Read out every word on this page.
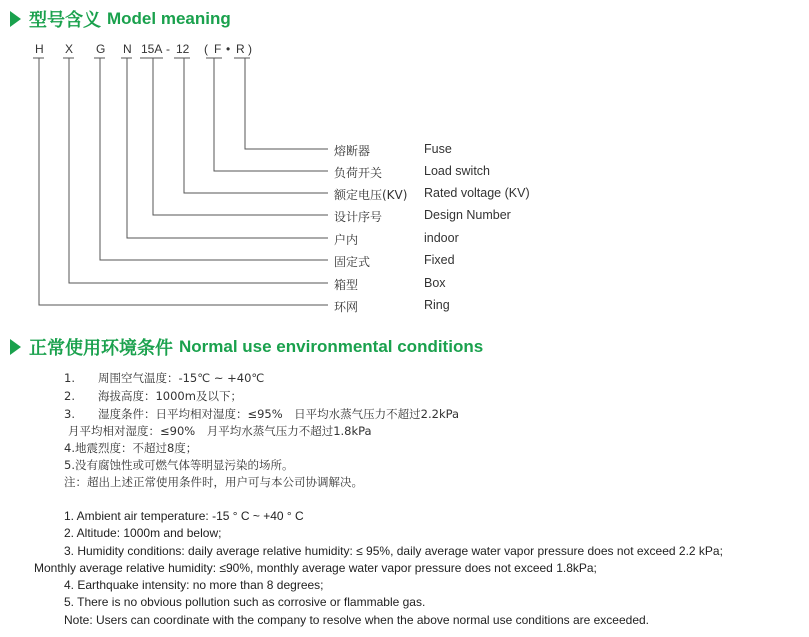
型号含义 Model meaning
H X G N 15A - 12 ( F • R )
熔断器	Fuse
负荷开关	Load switch
额定电压(KV) Rated voltage (KV)
设计序号	Design Number
户内	indoor
固定式	Fixed
箱型	Box
环网	Ring
正常使用环境条件 Normal use environmental conditions
1.　　周围空气温度：-15℃ ~ +40℃
2.　　海拔高度：1000m及以下；
3.　　湿度条件：日平均相对湿度：≤95%　日平均水蒸气压力不超过2.2kPa
月平均相对湿度：≤90%　月平均水蒸气压力不超过1.8kPa
4.地震烈度：不超过8度；
5.没有腐蚀性或可燃气体等明显污染的场所。
注：超出上述正常使用条件时，用户可与本公司协调解决。
1. Ambient air temperature: -15 ° C ~ +40 ° C
2. Altitude: 1000m and below;
3. Humidity conditions: daily average relative humidity: ≤ 95%, daily average water vapor pressure does not exceed 2.2 kPa;
Monthly average relative humidity: ≤90%, monthly average water vapor pressure does not exceed 1.8kPa;
4. Earthquake intensity: no more than 8 degrees;
5. There is no obvious pollution such as corrosive or flammable gas.
Note: Users can coordinate with the company to resolve when the above normal use conditions are exceeded.
